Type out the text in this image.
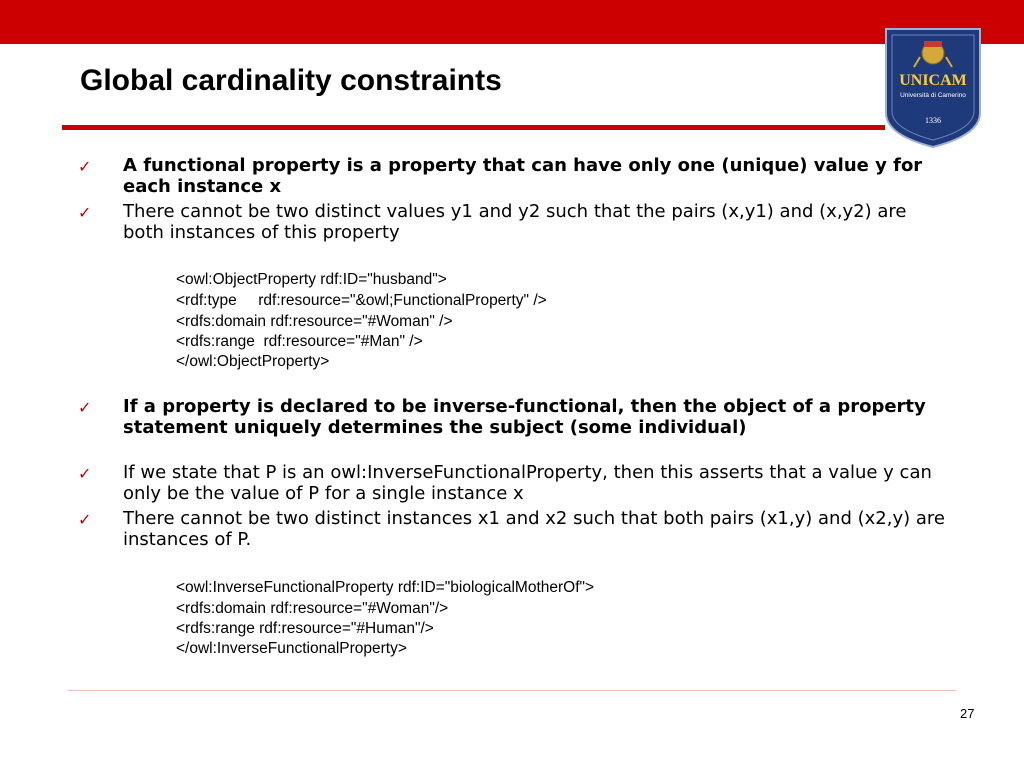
Global cardinality constraints	UNICAM
Università di Camerino
1336
✓ A functional property is a property that can have only one (unique) value y for each instance x
✓ There cannot be two distinct values y1 and y2 such that the pairs (x,y1) and (x,y2) are both instances of this property
<owl:ObjectProperty rdf:ID="husband">
<rdf:type     rdf:resource="&owl;FunctionalProperty" />
<rdfs:domain rdf:resource="#Woman" />
<rdfs:range  rdf:resource="#Man" />
</owl:ObjectProperty>
✓ If a property is declared to be inverse-functional, then the object of a property statement uniquely determines the subject (some individual)
✓ If we state that P is an owl:InverseFunctionalProperty, then this asserts that a value y can only be the value of P for a single instance x
✓ There cannot be two distinct instances x1 and x2 such that both pairs (x1,y) and (x2,y) are instances of P.
<owl:InverseFunctionalProperty rdf:ID="biologicalMotherOf">
<rdfs:domain rdf:resource="#Woman"/>
<rdfs:range rdf:resource="#Human"/>
</owl:InverseFunctionalProperty>
27
